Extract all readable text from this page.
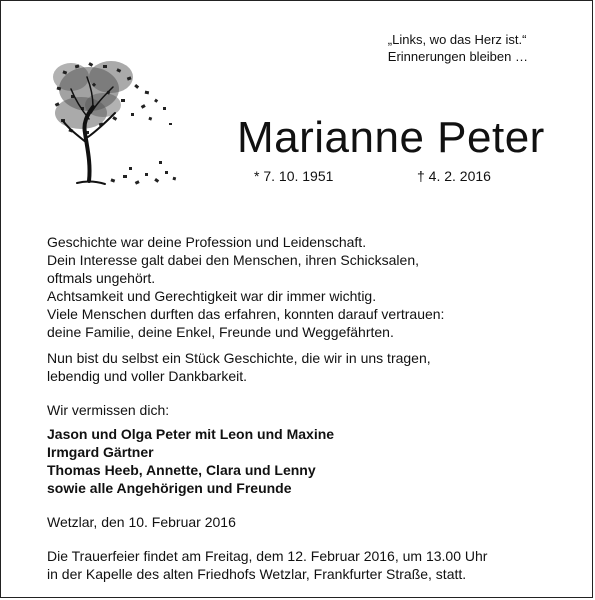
„Links, wo das Herz ist.“
Erinnerungen bleiben …
Marianne Peter
* 7. 10. 1951	† 4. 2. 2016

Geschichte war deine Profession und Leidenschaft.

Dein Interesse galt dabei den Menschen, ihren Schicksalen,

oftmals ungehört.

Achtsamkeit und Gerechtigkeit war dir immer wichtig.

Viele Menschen durften das erfahren, konnten darauf vertrauen:

deine Familie, deine Enkel, Freunde und Weggefährten.

Nun bist du selbst ein Stück Geschichte, die wir in uns tragen,

lebendig und voller Dankbarkeit.

Wir vermissen dich:

Jason und Olga Peter mit Leon und Maxine

Irmgard Gärtner

Thomas Heeb, Annette, Clara und Lenny

sowie alle Angehörigen und Freunde

Wetzlar, den 10. Februar 2016

Die Trauerfeier findet am Freitag, dem 12. Februar 2016, um 13.00 Uhr

in der Kapelle des alten Friedhofs Wetzlar, Frankfurter Straße, statt.
